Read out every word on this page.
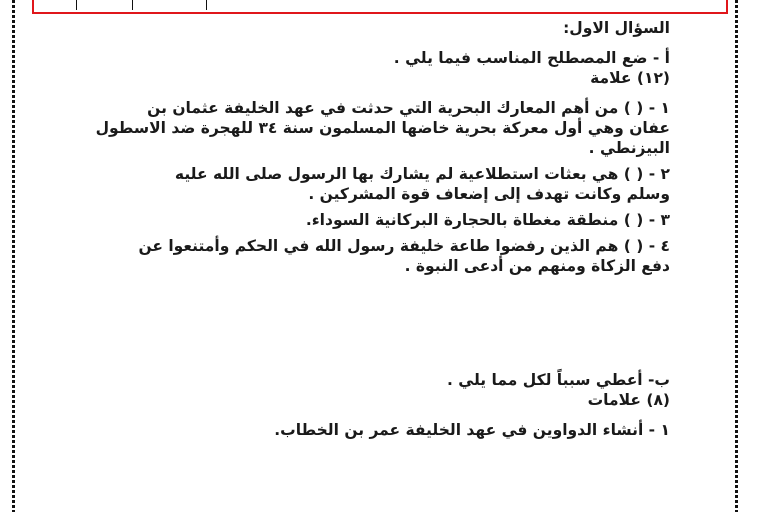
السؤال الاول:
أ - ضع المصطلح المناسب فيما يلي .
(١٢) علامة
١ - ( ) من أهم المعارك البحرية التي حدثت في عهد الخليفة عثمان بن
عفان وهي أول معركة بحرية خاضها المسلمون سنة ٣٤ للهجرة ضد الاسطول
البيزنطي .
٢ - ( ) هي بعثات استطلاعية لم يشارك بها الرسول صلى الله عليه
وسلم وكانت تهدف إلى إضعاف قوة المشركين .
٣ - ( ) منطقة مغطاة بالحجارة البركانية السوداء.
٤ - ( ) هم الذين رفضوا طاعة خليفة رسول الله في الحكم وأمتنعوا عن
دفع الزكاة ومنهم من أدعى النبوة .
ب- أعطي سبباً لكل مما يلي .
(٨) علامات
١ - أنشاء الدواوين في عهد الخليفة عمر بن الخطاب.
